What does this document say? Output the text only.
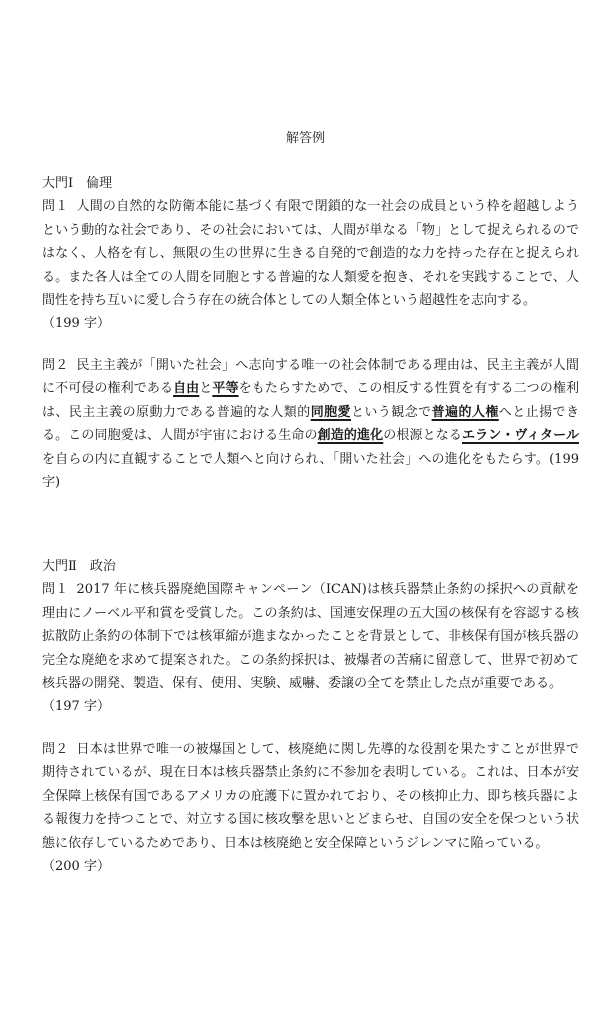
解答例
大門Ⅰ　倫理
問１ 人間の自然的な防衛本能に基づく有限で閉鎖的な一社会の成員という枠を超越しようという動的な社会であり、その社会においては、人間が単なる「物」として捉えられるのではなく、人格を有し、無限の生の世界に生きる自発的で創造的な力を持った存在と捉えられる。また各人は全ての人間を同胞とする普遍的な人類愛を抱き、それを実践することで、人間性を持ち互いに愛し合う存在の統合体としての人類全体という超越性を志向する。
（199 字）
問２ 民主主義が「開いた社会」へ志向する唯一の社会体制である理由は、民主主義が人間に不可侵の権利である自由と平等をもたらすためで、この相反する性質を有する二つの権利は、民主主義の原動力である普遍的な人類的同胞愛という観念で普遍的人権へと止揚できる。この同胞愛は、人間が宇宙における生命の創造的進化の根源となるエラン・ヴィタールを自らの内に直観することで人類へと向けられ、「開いた社会」への進化をもたらす。(199 字)
大門Ⅱ　政治
問１ 2017 年に核兵器廃絶国際キャンペーン（ICAN)は核兵器禁止条約の採択への貢献を理由にノーベル平和賞を受賞した。この条約は、国連安保理の五大国の核保有を容認する核拡散防止条約の体制下では核軍縮が進まなかったことを背景として、非核保有国が核兵器の完全な廃絶を求めて提案された。この条約採択は、被爆者の苦痛に留意して、世界で初めて核兵器の開発、製造、保有、使用、実験、威嚇、委譲の全てを禁止した点が重要である。
（197 字）
問２ 日本は世界で唯一の被爆国として、核廃絶に関し先導的な役割を果たすことが世界で期待されているが、現在日本は核兵器禁止条約に不参加を表明している。これは、日本が安全保障上核保有国であるアメリカの庇護下に置かれており、その核抑止力、即ち核兵器による報復力を持つことで、対立する国に核攻撃を思いとどまらせ、自国の安全を保つという状態に依存しているためであり、日本は核廃絶と安全保障というジレンマに陥っている。
（200 字）
